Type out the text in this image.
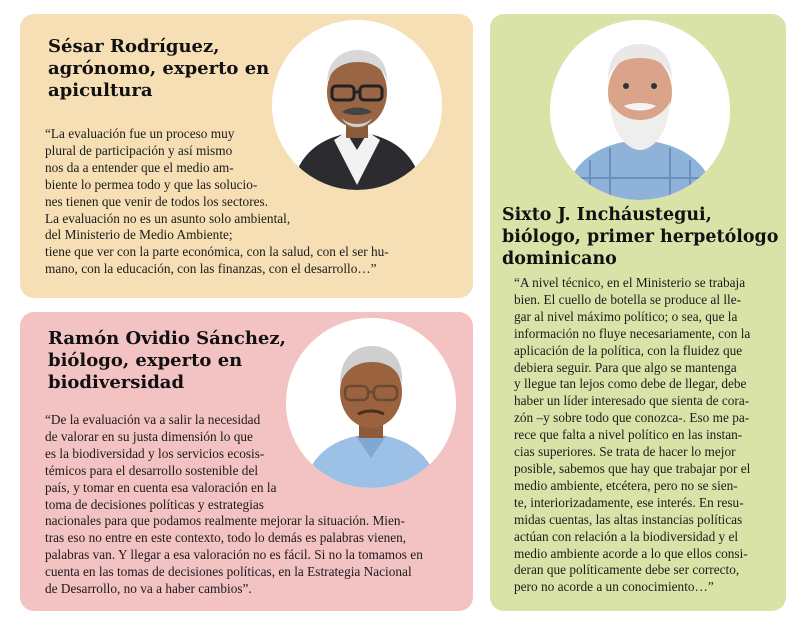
Sésar Rodríguez,
agrónomo, experto en
apicultura

“La evaluación fue un proceso muy
plural de participación y así mismo
nos da a entender que el medio am-
biente lo permea todo y que las solucio-
nes tienen que venir de todos los sectores.
La evaluación no es un asunto solo ambiental,
del Ministerio de Medio Ambiente;
tiene que ver con la parte económica, con la salud, con el ser hu-
mano, con la educación, con las finanzas, con el desarrollo…”

Ramón Ovidio Sánchez,
biólogo, experto en
biodiversidad

“De la evaluación va a salir la necesidad
de valorar en su justa dimensión lo que
es la biodiversidad y los servicios ecosis-
témicos para el desarrollo sostenible del
país, y tomar en cuenta esa valoración en la
toma de decisiones políticas y estrategias
nacionales para que podamos realmente mejorar la situación. Mien-
tras eso no entre en este contexto, todo lo demás es palabras vienen,
palabras van. Y llegar a esa valoración no es fácil. Si no la tomamos en
cuenta en las tomas de decisiones políticas, en la Estrategia Nacional
de Desarrollo, no va a haber cambios”.

Sixto J. Incháustegui,
biólogo, primer herpetólogo
dominicano

“A nivel técnico, en el Ministerio se trabaja
bien. El cuello de botella se produce al lle-
gar al nivel máximo político; o sea, que la
información no fluye necesariamente, con la
aplicación de la política, con la fluidez que
debiera seguir. Para que algo se mantenga
y llegue tan lejos como debe de llegar, debe
haber un líder interesado que sienta de cora-
zón –y sobre todo que conozca-. Eso me pa-
rece que falta a nivel político en las instan-
cias superiores. Se trata de hacer lo mejor
posible, sabemos que hay que trabajar por el
medio ambiente, etcétera, pero no se sien-
te, interiorizadamente, ese interés. En resu-
midas cuentas, las altas instancias políticas
actúan con relación a la biodiversidad y el
medio ambiente acorde a lo que ellos consi-
deran que políticamente debe ser correcto,
pero no acorde a un conocimiento…”
